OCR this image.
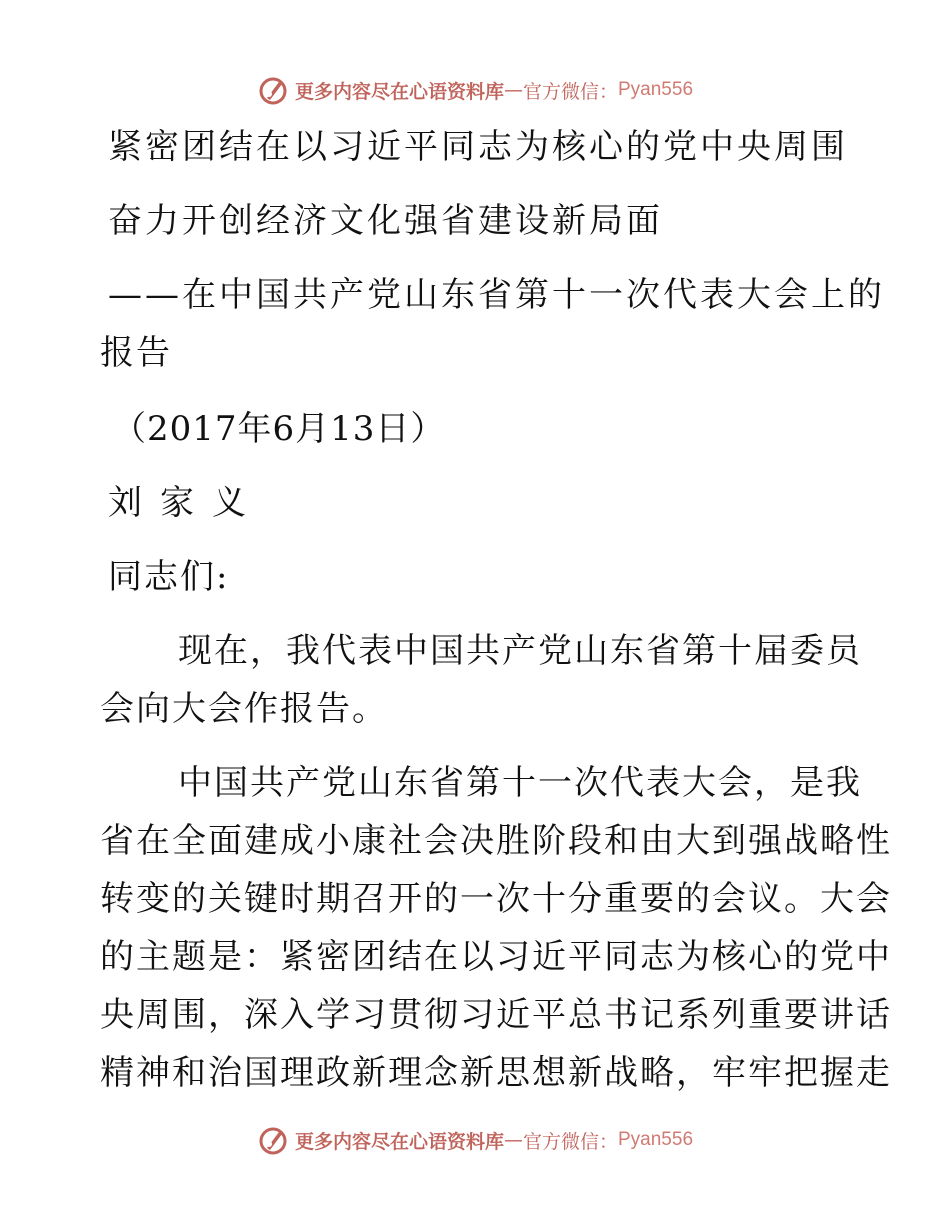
更多内容尽在心语资料库 — 官方微信： Pyan556
紧密团结在以习近平同志为核心的党中央周围
奋力开创经济文化强省建设新局面
——在中国共产党山东省第十一次代表大会上的
报告
（2017年6月13日）
刘家义
同志们:
现在，我代表中国共产党山东省第十届委员
会向大会作报告。
中国共产党山东省第十一次代表大会，是我
省在全面建成小康社会决胜阶段和由大到强战略性
转变的关键时期召开的一次十分重要的会议。大会
的主题是：紧密团结在以习近平同志为核心的党中
央周围，深入学习贯彻习近平总书记系列重要讲话
精神和治国理政新理念新思想新战略，牢牢把握走
更多内容尽在心语资料库 — 官方微信： Pyan556
